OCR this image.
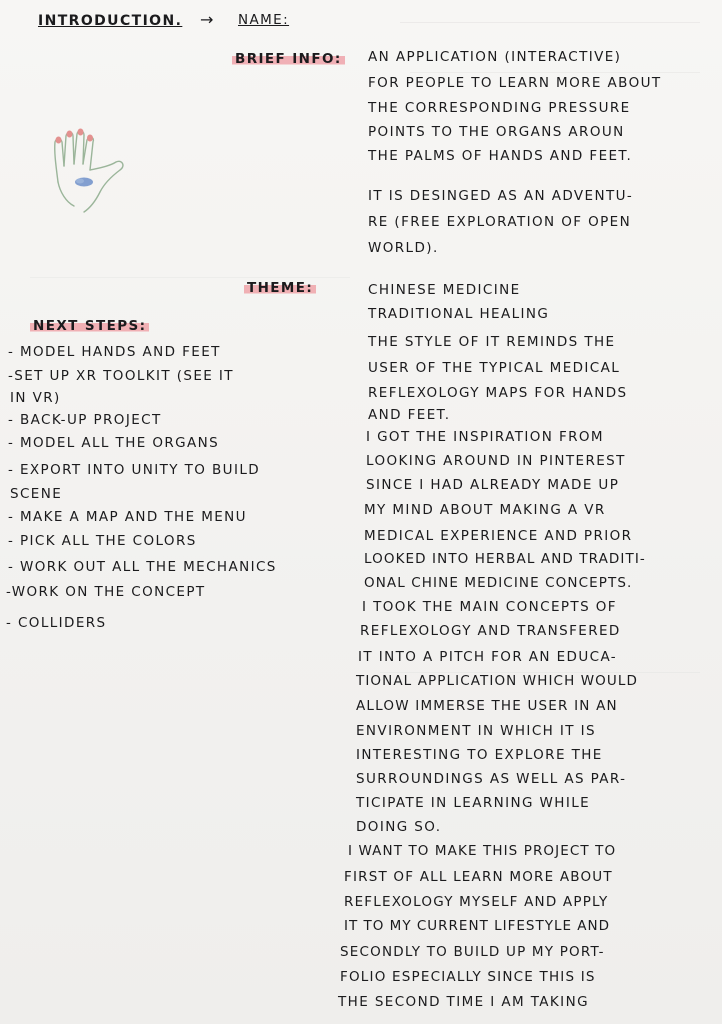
INTRODUCTION. → NAME:
BRIEF INFO: AN APPLICATION (INTERACTIVE)
FOR PEOPLE TO LEARN MORE ABOUT
THE CORRESPONDING PRESSURE
POINTS TO THE ORGANS AROUN
THE PALMS OF HANDS AND FEET.
IT IS DESINGED AS AN ADVENTU-
RE (FREE EXPLORATION OF OPEN
WORLD).
THEME:	CHINESE MEDICINE
TRADITIONAL HEALING
THE STYLE OF IT REMINDS THE
USER OF THE TYPICAL MEDICAL
REFLEXOLOGY MAPS FOR HANDS
AND FEET.
I GOT THE INSPIRATION FROM
LOOKING AROUND IN PINTEREST
SINCE I HAD ALREADY MADE UP
MY MIND ABOUT MAKING A VR
MEDICAL EXPERIENCE AND PRIOR
LOOKED INTO HERBAL AND TRADITI-
ONAL CHINE MEDICINE CONCEPTS.
I TOOK THE MAIN CONCEPTS OF
REFLEXOLOGY AND TRANSFERED
IT INTO A PITCH FOR AN EDUCA-
TIONAL APPLICATION WHICH WOULD
ALLOW IMMERSE THE USER IN AN
ENVIRONMENT IN WHICH IT IS
INTERESTING TO EXPLORE THE
SURROUNDINGS AS WELL AS PAR-
TICIPATE IN LEARNING WHILE
DOING SO.
I WANT TO MAKE THIS PROJECT TO
FIRST OF ALL LEARN MORE ABOUT
REFLEXOLOGY MYSELF AND APPLY
IT TO MY CURRENT LIFESTYLE AND
SECONDLY TO BUILD UP MY PORT-
FOLIO ESPECIALLY SINCE THIS IS
THE SECOND TIME I AM TAKING
NEXT STEPS:
- MODEL HANDS AND FEET
-SET UP XR TOOLKIT (SEE IT
IN VR)
- BACK-UP PROJECT
- MODEL ALL THE ORGANS
- EXPORT INTO UNITY TO BUILD
SCENE
- MAKE A MAP AND THE MENU
- PICK ALL THE COLORS
- WORK OUT ALL THE MECHANICS
-WORK ON THE CONCEPT
- COLLIDERS
